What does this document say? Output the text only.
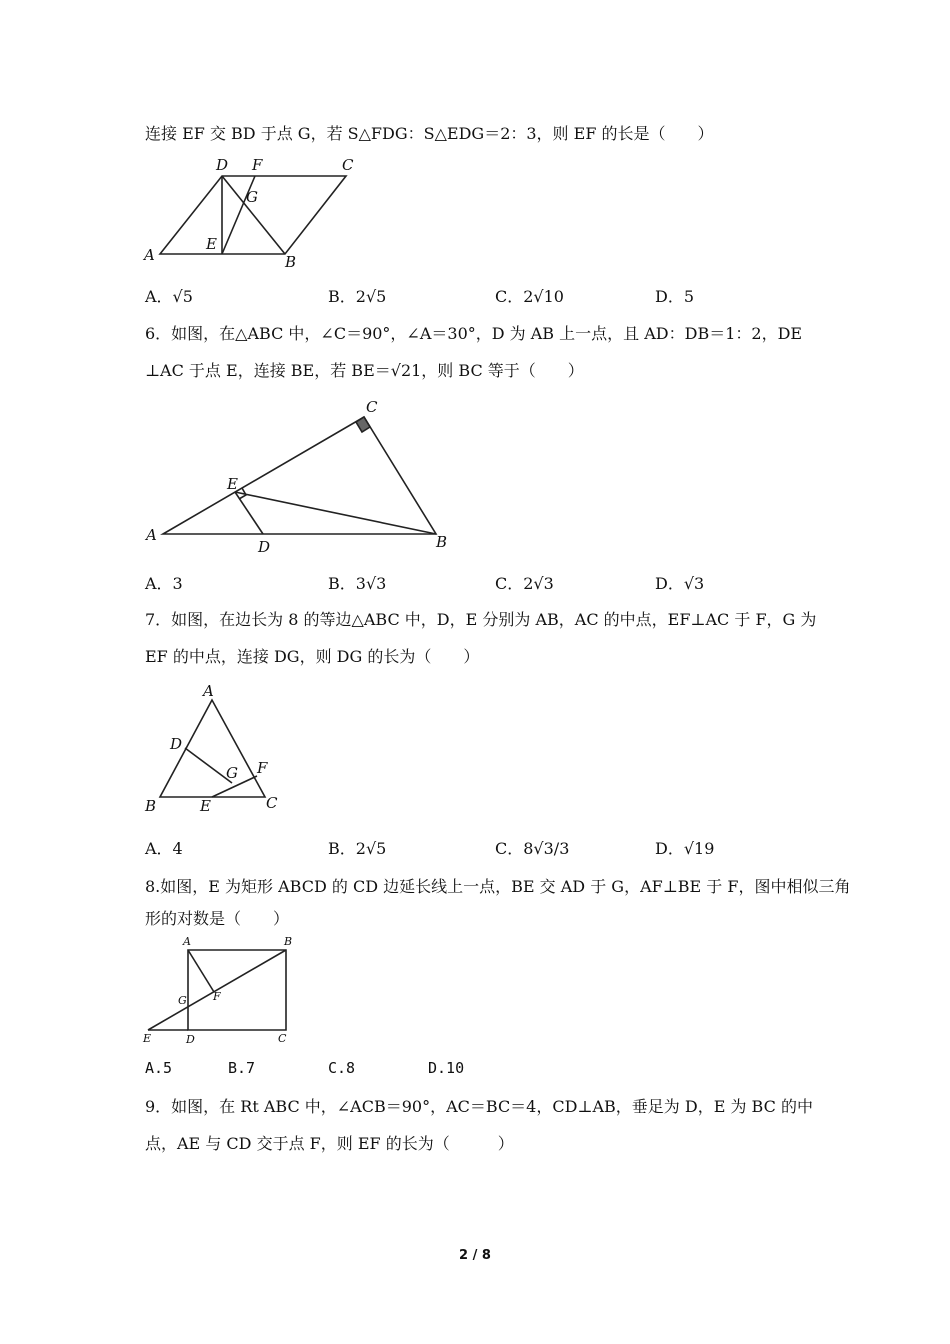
连接 EF 交 BD 于点 G，若 S△FDG：S△EDG＝2：3，则 EF 的长是（　　）
A	B
C
D
E
F
G
A．√5	B．2√5	C．2√10	D．5
6．如图，在△ABC 中，∠C＝90°，∠A＝30°，D 为 AB 上一点，且 AD：DB＝1：2，DE
⊥AC 于点 E，连接 BE，若 BE＝√21，则 BC 等于（　　）
A	B
C
D
E
A．3	B．3√3	C．2√3	D．√3
7．如图，在边长为 8 的等边△ABC 中，D，E 分别为 AB，AC 的中点，EF⊥AC 于 F，G 为
EF 的中点，连接 DG，则 DG 的长为（　　）
A
B	C
D
E
F
G
A．4	B．2√5	C．8√3/3	D．√19
8.如图，E 为矩形 ABCD 的 CD 边延长线上一点，BE 交 AD 于 G，AF⊥BE 于 F，图中相似三角
形的对数是（　　）
A	B
C
D
E
F
G
A.5	B.7	C.8	D.10
9．如图，在 Rt ABC 中，∠ACB＝90°，AC＝BC＝4，CD⊥AB，垂足为 D，E 为 BC 的中
点，AE 与 CD 交于点 F，则 EF 的长为（　　　）
2 / 8
